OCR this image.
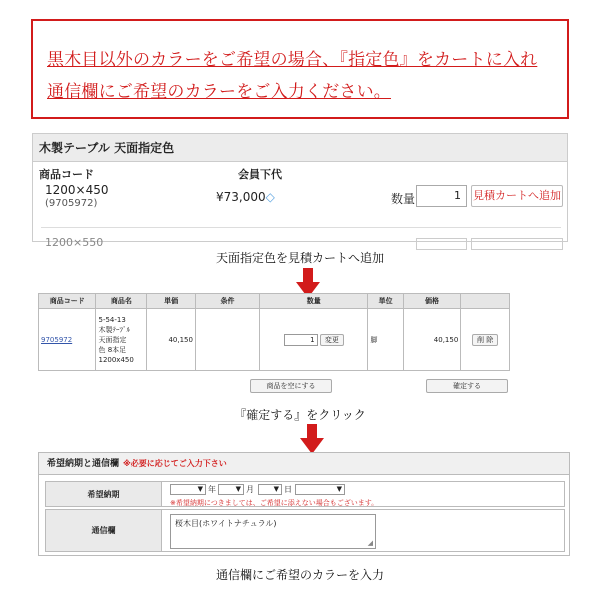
黒木目以外のカラーをご希望の場合、『指定色』をカートに入れ

通信欄にご希望のカラーをご入力ください。

木製テーブル 天面指定色
商品コード	会員下代
1200×450
(9705972)	¥73,000◇	数量	1	見積カートへ追加
1200×550
天面指定色を見積カートへ追加
商品コード	商品名	単価	条件	数量	単位	価格	
9705972	5-54-13
木製ﾃｰﾌﾞﾙ
天面指定
色 8本足
1200x450	40,150		1 変更	脚	40,150	削 除
商品を空にする	確定する
『確定する』をクリック
希望納期と通信欄 ※必要に応じてご入力下さい
希望納期
▼ 年	▼ 月	▼ 日	▼
※希望納期につきましては、ご希望に添えない場合もございます。
通信欄
桜木目(ホワイトナチュラル)
◢
通信欄にご希望のカラーを入力
